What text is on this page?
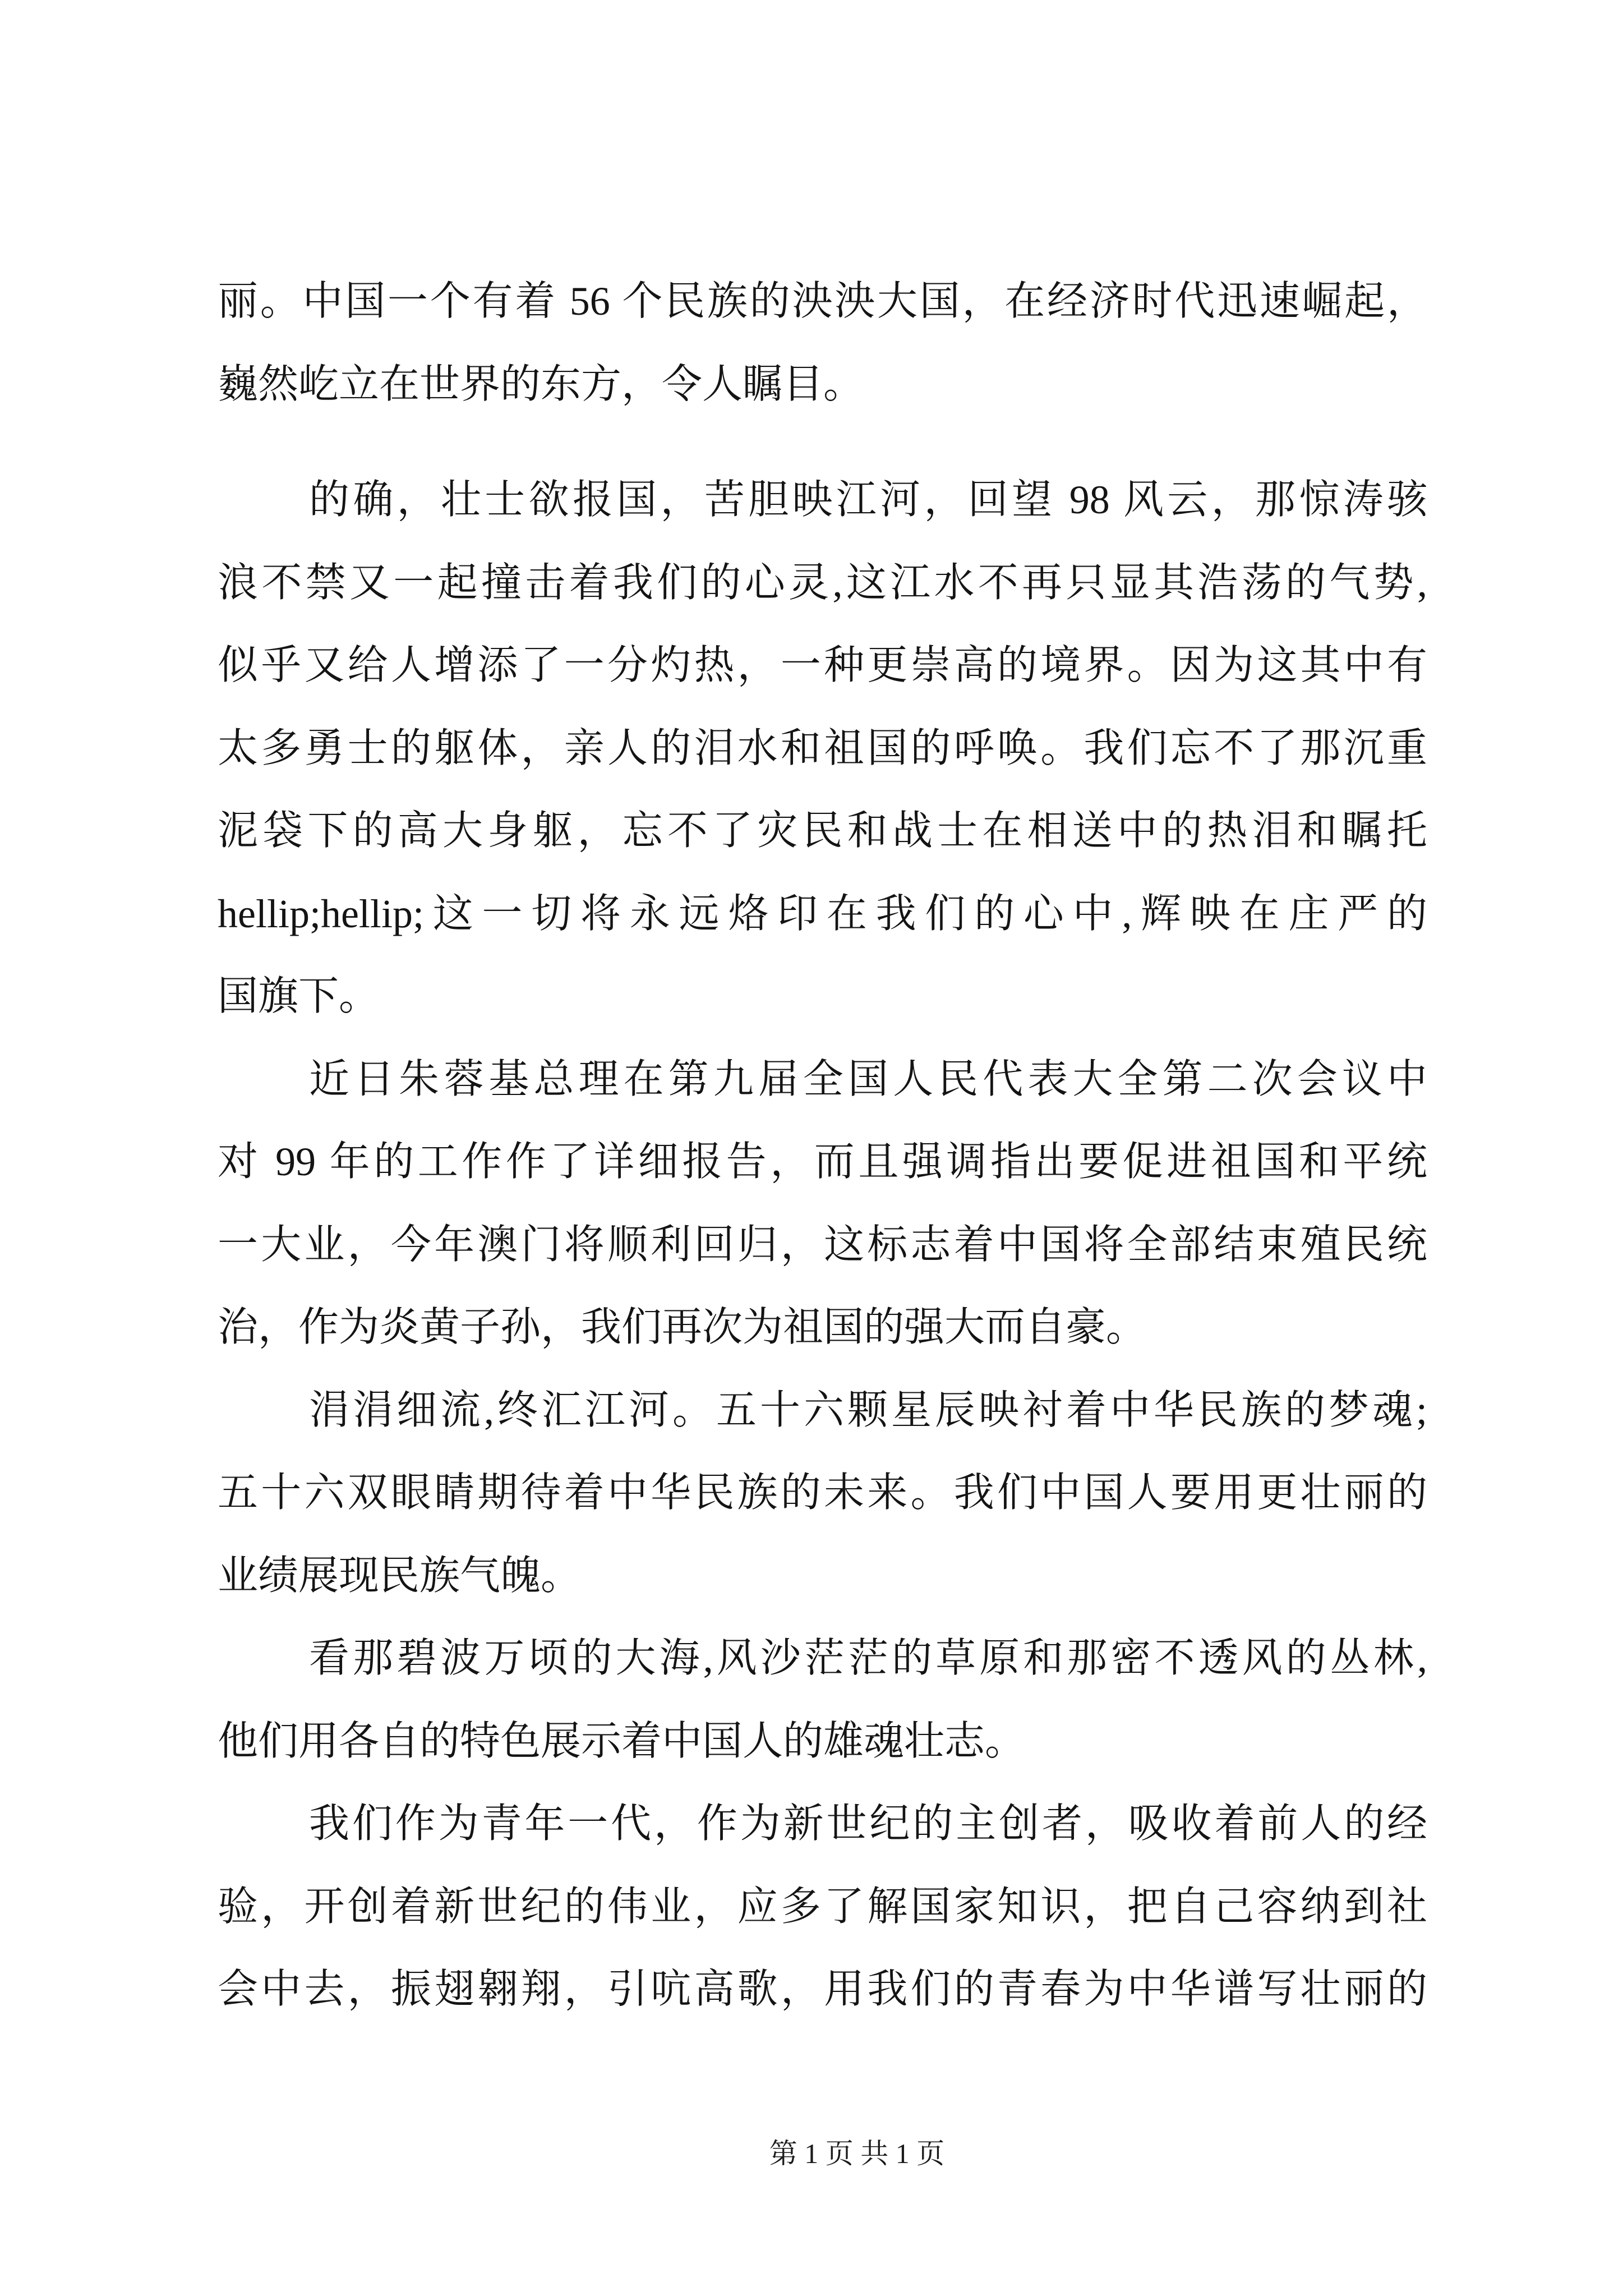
丽。中国一个有着 56 个民族的泱泱大国，在经济时代迅速崛起，
巍然屹立在世界的东方，令人瞩目。
的确，壮士欲报国，苦胆映江河，回望 98 风云，那惊涛骇
浪不禁又一起撞击着我们的心灵,这江水不再只显其浩荡的气势,
似乎又给人增添了一分灼热，一种更崇高的境界。因为这其中有
太多勇士的躯体，亲人的泪水和祖国的呼唤。我们忘不了那沉重
泥袋下的高大身躯，忘不了灾民和战士在相送中的热泪和瞩托
hellip;hellip;这一切将永远烙印在我们的心中,辉映在庄严的
国旗下。
近日朱蓉基总理在第九届全国人民代表大全第二次会议中
对 99 年的工作作了详细报告，而且强调指出要促进祖国和平统
一大业，今年澳门将顺利回归，这标志着中国将全部结束殖民统
治，作为炎黄子孙，我们再次为祖国的强大而自豪。
涓涓细流,终汇江河。五十六颗星辰映衬着中华民族的梦魂;
五十六双眼睛期待着中华民族的未来。我们中国人要用更壮丽的
业绩展现民族气魄。
看那碧波万顷的大海,风沙茫茫的草原和那密不透风的丛林,
他们用各自的特色展示着中国人的雄魂壮志。
我们作为青年一代，作为新世纪的主创者，吸收着前人的经
验，开创着新世纪的伟业，应多了解国家知识，把自己容纳到社
会中去，振翅翱翔，引吭高歌，用我们的青春为中华谱写壮丽的
第 1 页 共 1 页
